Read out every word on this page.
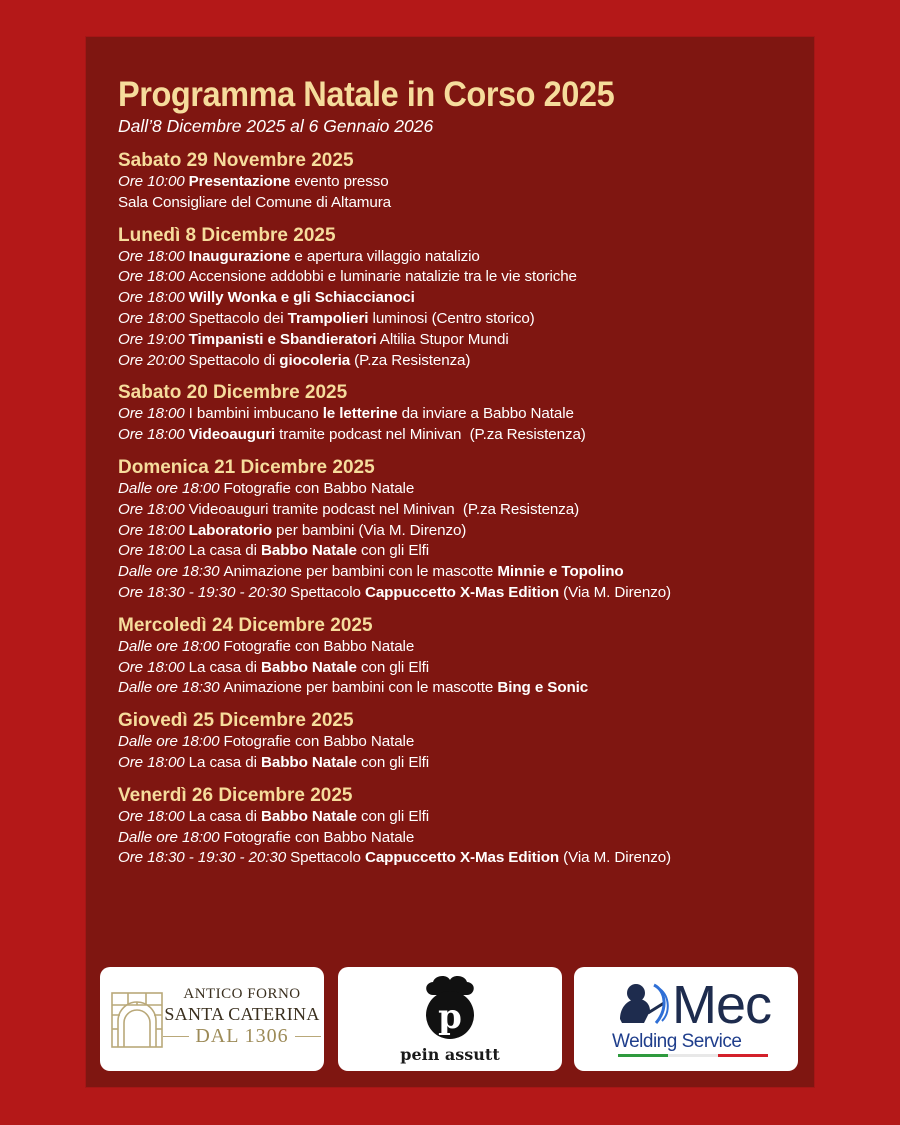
Programma Natale in Corso 2025

Dall’8 Dicembre 2025 al 6 Gennaio 2026

Sabato 29 Novembre 2025
Ore 10:00 Presentazione evento presso
Sala Consigliare del Comune di Altamura
Lunedì 8 Dicembre 2025
Ore 18:00 Inaugurazione e apertura villaggio natalizio
Ore 18:00 Accensione addobbi e luminarie natalizie tra le vie storiche
Ore 18:00 Willy Wonka e gli Schiaccianoci
Ore 18:00 Spettacolo dei Trampolieri luminosi (Centro storico)
Ore 19:00 Timpanisti e Sbandieratori Altilia Stupor Mundi
Ore 20:00 Spettacolo di giocoleria (P.za Resistenza)
Sabato 20 Dicembre 2025
Ore 18:00 I bambini imbucano le letterine da inviare a Babbo Natale
Ore 18:00 Videoauguri tramite podcast nel Minivan  (P.za Resistenza)
Domenica 21 Dicembre 2025
Dalle ore 18:00 Fotografie con Babbo Natale
Ore 18:00 Videoauguri tramite podcast nel Minivan  (P.za Resistenza)
Ore 18:00 Laboratorio per bambini (Via M. Direnzo)
Ore 18:00 La casa di Babbo Natale con gli Elfi
Dalle ore 18:30 Animazione per bambini con le mascotte Minnie e Topolino
Ore 18:30 - 19:30 - 20:30 Spettacolo Cappuccetto X-Mas Edition (Via M. Direnzo)
Mercoledì 24 Dicembre 2025
Dalle ore 18:00 Fotografie con Babbo Natale
Ore 18:00 La casa di Babbo Natale con gli Elfi
Dalle ore 18:30 Animazione per bambini con le mascotte Bing e Sonic
Giovedì 25 Dicembre 2025
Dalle ore 18:00 Fotografie con Babbo Natale
Ore 18:00 La casa di Babbo Natale con gli Elfi
Venerdì 26 Dicembre 2025
Ore 18:00 La casa di Babbo Natale con gli Elfi
Dalle ore 18:00 Fotografie con Babbo Natale
Ore 18:30 - 19:30 - 20:30 Spettacolo Cappuccetto X-Mas Edition (Via M. Direnzo)
ANTICO FORNO
SANTA CATERINA
DAL 1306	p
pein assutt
Mec
Welding Service
